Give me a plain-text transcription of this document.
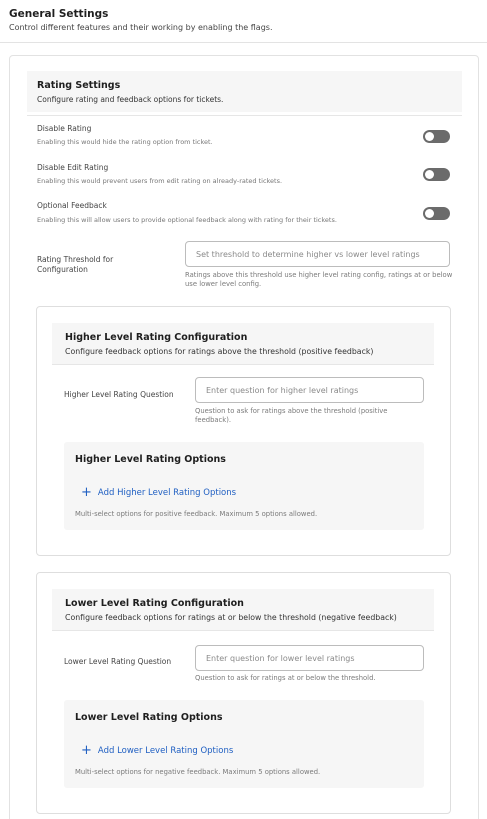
General Settings
Control different features and their working by enabling the flags.
Rating Settings
Configure rating and feedback options for tickets.
Disable Rating
Enabling this would hide the rating option from ticket.
Disable Edit Rating
Enabling this would prevent users from edit rating on already-rated tickets.
Optional Feedback
Enabling this will allow users to provide optional feedback along with rating for their tickets.
Rating Threshold for Configuration
Set threshold to determine higher vs lower level ratings
Ratings above this threshold use higher level rating config, ratings at or below use lower level config.
Higher Level Rating Configuration
Configure feedback options for ratings above the threshold (positive feedback)
Higher Level Rating Question
Enter question for higher level ratings
Question to ask for ratings above the threshold (positive feedback).
Higher Level Rating Options
+ Add Higher Level Rating Options
Multi-select options for positive feedback. Maximum 5 options allowed.
Lower Level Rating Configuration
Configure feedback options for ratings at or below the threshold (negative feedback)
Lower Level Rating Question
Enter question for lower level ratings
Question to ask for ratings at or below the threshold.
Lower Level Rating Options
+ Add Lower Level Rating Options
Multi-select options for negative feedback. Maximum 5 options allowed.
